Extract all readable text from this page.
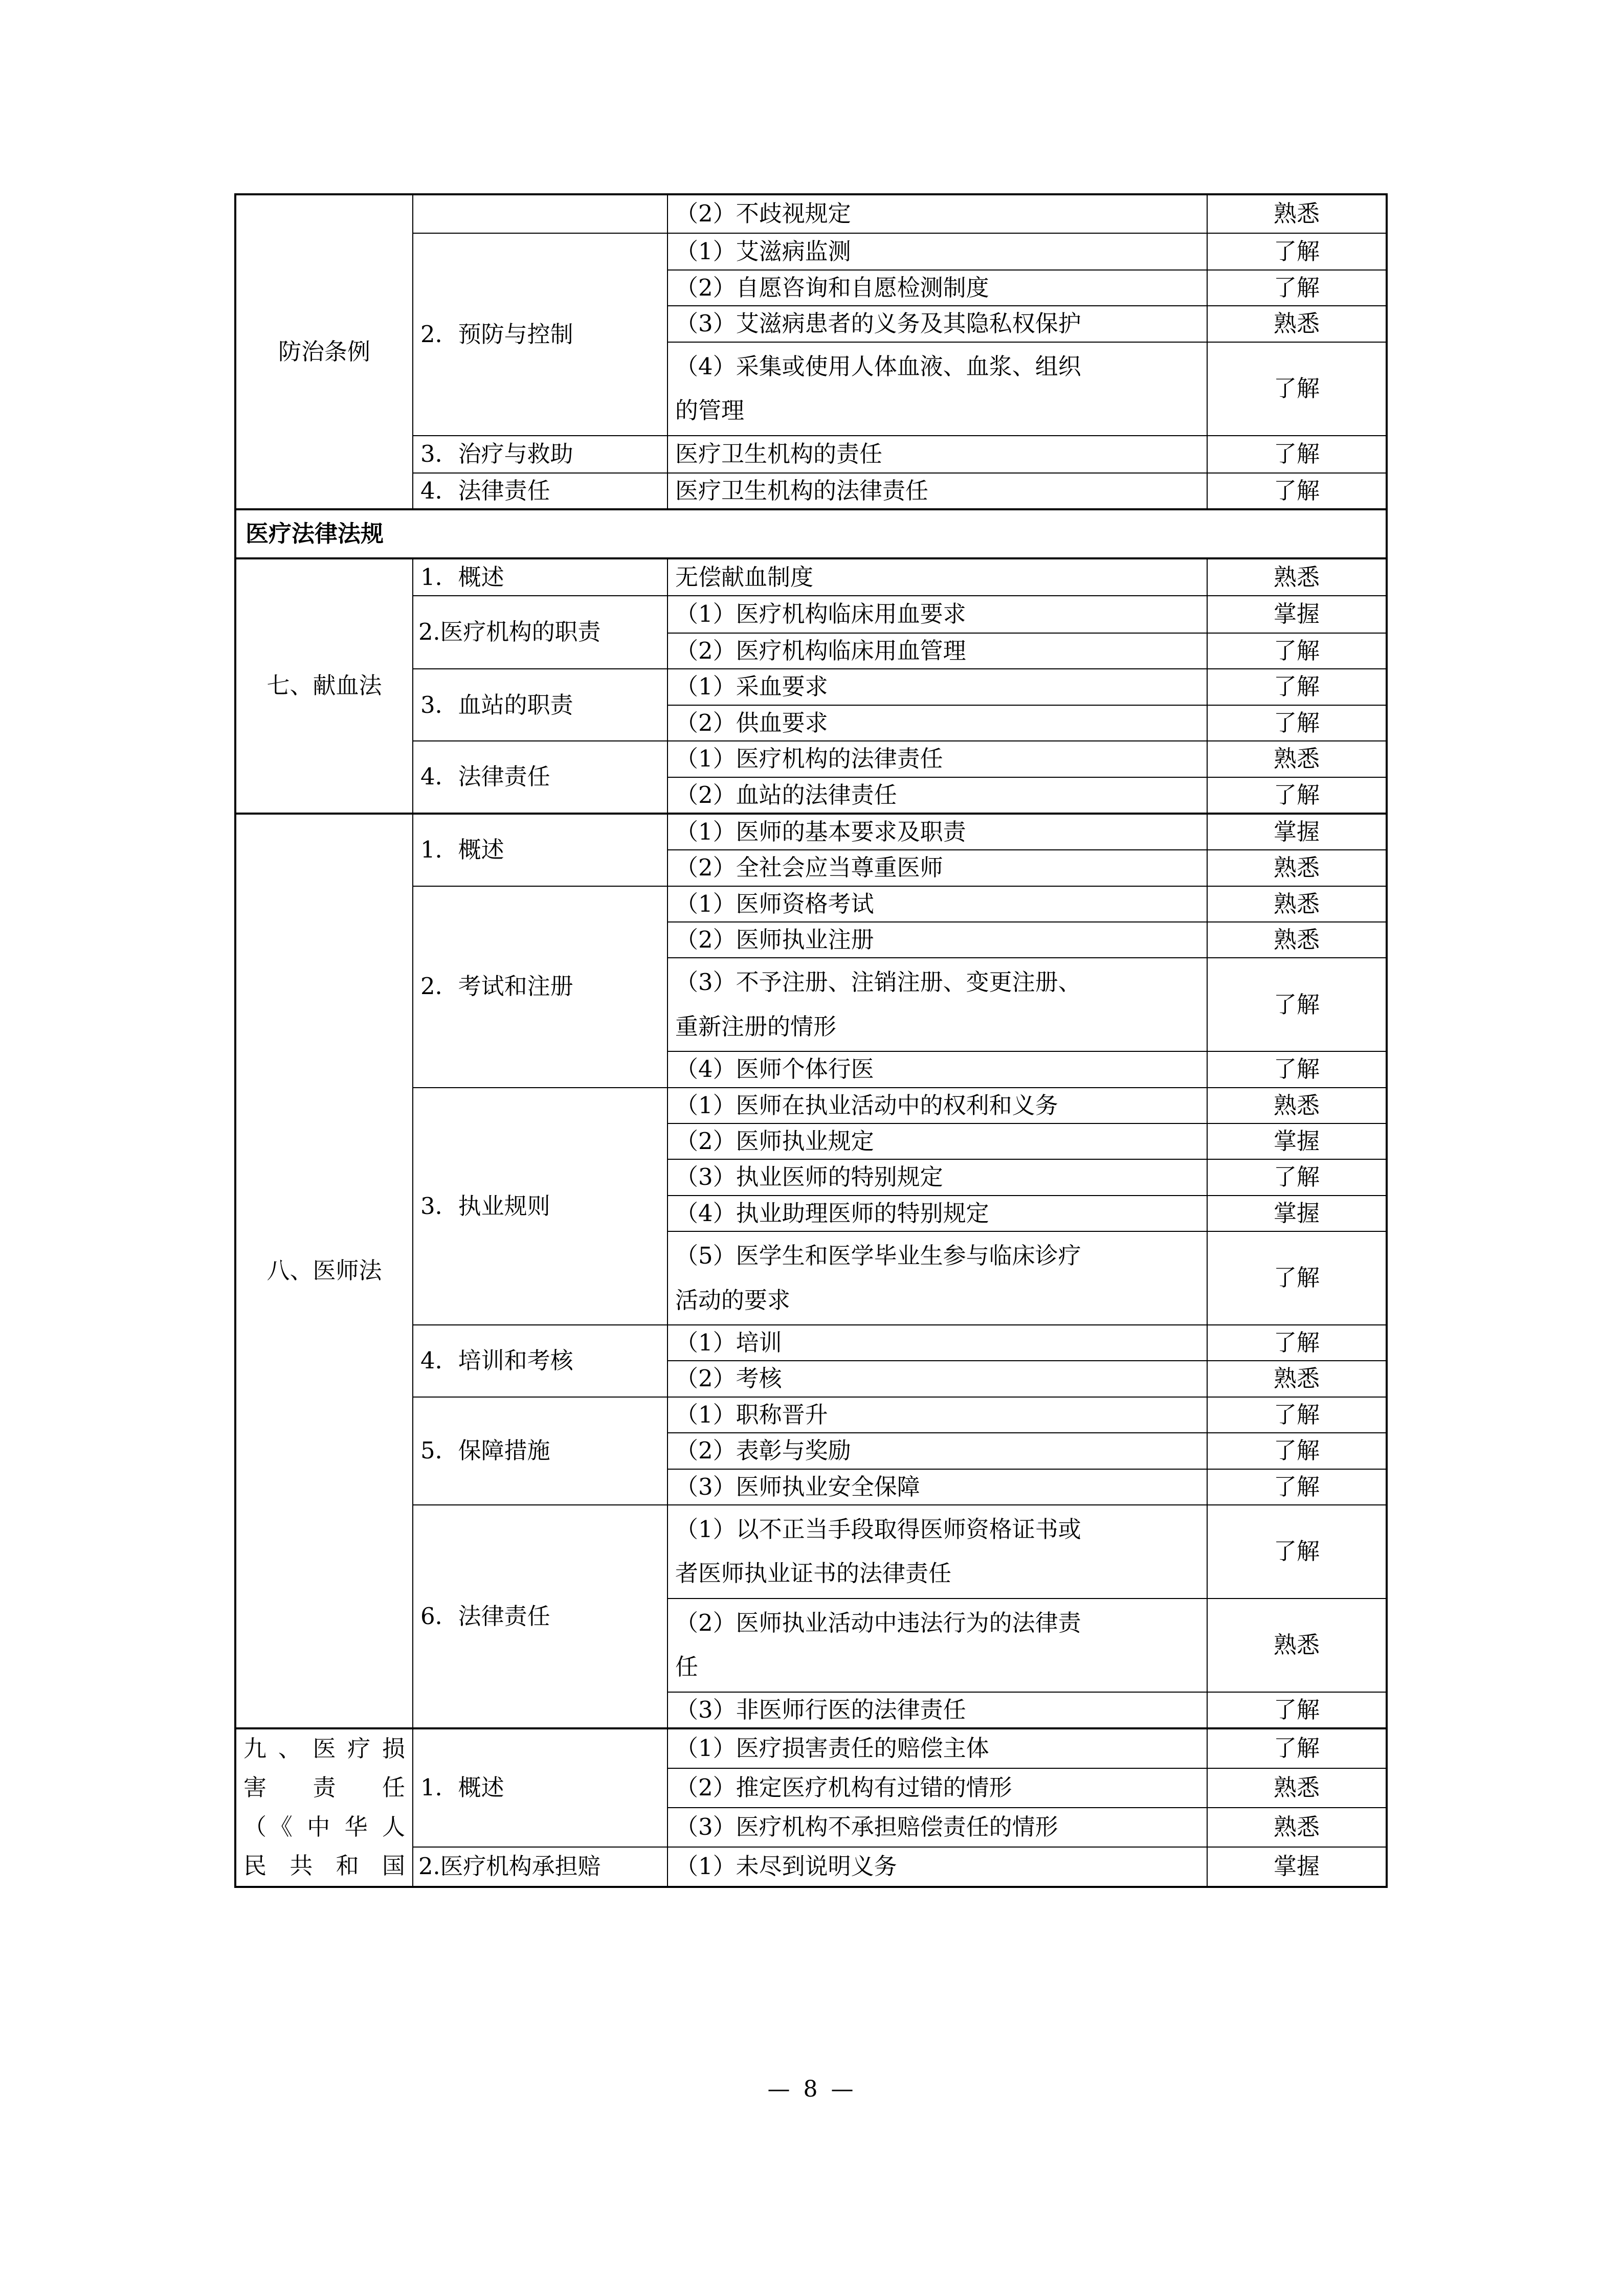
防治条例		（2）不歧视规定	熟悉
	2．预防与控制	（1）艾滋病监测	了解
		（2）自愿咨询和自愿检测制度	了解
		（3）艾滋病患者的义务及其隐私权保护	熟悉
		（4）采集或使用人体血液、血浆、组织
的管理	了解
	3．治疗与救助	医疗卫生机构的责任	了解
	4．法律责任	医疗卫生机构的法律责任	了解
医疗法律法规			
七、献血法	1．概述	无偿献血制度	熟悉
	2.医疗机构的职责	（1）医疗机构临床用血要求	掌握
		（2）医疗机构临床用血管理	了解
	3．血站的职责	（1）采血要求	了解
		（2）供血要求	了解
	4．法律责任	（1）医疗机构的法律责任	熟悉
		（2）血站的法律责任	了解
八、医师法	1．概述	（1）医师的基本要求及职责	掌握
		（2）全社会应当尊重医师	熟悉
	2．考试和注册	（1）医师资格考试	熟悉
		（2）医师执业注册	熟悉
		（3）不予注册、注销注册、变更注册、
重新注册的情形	了解
		（4）医师个体行医	了解
	3．执业规则	（1）医师在执业活动中的权利和义务	熟悉
		（2）医师执业规定	掌握
		（3）执业医师的特别规定	了解
		（4）执业助理医师的特别规定	掌握
		（5）医学生和医学毕业生参与临床诊疗
活动的要求	了解
	4．培训和考核	（1）培训	了解
		（2）考核	熟悉
	5．保障措施	（1）职称晋升	了解
		（2）表彰与奖励	了解
		（3）医师执业安全保障	了解
	6．法律责任	（1）以不正当手段取得医师资格证书或
者医师执业证书的法律责任	了解
		（2）医师执业活动中违法行为的法律责
任	熟悉
		（3）非医师行医的法律责任	了解

九、医疗损
害 责 任
（《中华人
民 共 和 国	1．概述	（1）医疗损害责任的赔偿主体	了解
		（2）推定医疗机构有过错的情形	熟悉
		（3）医疗机构不承担赔偿责任的情形	熟悉
	2.医疗机构承担赔	（1）未尽到说明义务	掌握
— 8 —
